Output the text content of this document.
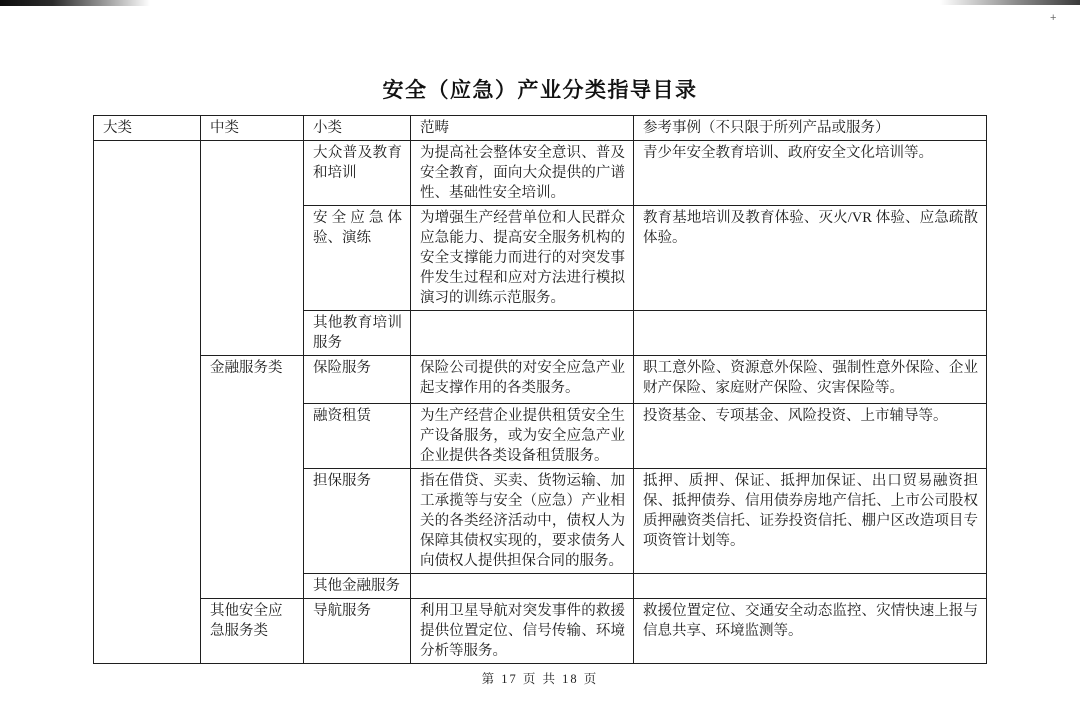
+
安全（应急）产业分类指导目录
大类	中类	小类	范畴	参考事例（不只限于所列产品或服务）
		大众普及教育和培训	为提高社会整体安全意识、普及安全教育，面向大众提供的广谱性、基础性安全培训。	青少年安全教育培训、政府安全文化培训等。
		安全应急体验、演练	为增强生产经营单位和人民群众应急能力、提高安全服务机构的安全支撑能力而进行的对突发事件发生过程和应对方法进行模拟演习的训练示范服务。	教育基地培训及教育体验、灭火/VR 体验、应急疏散体验。
		其他教育培训服务		
	金融服务类	保险服务	保险公司提供的对安全应急产业起支撑作用的各类服务。	职工意外险、资源意外保险、强制性意外保险、企业财产保险、家庭财产保险、灾害保险等。
		融资租赁	为生产经营企业提供租赁安全生产设备服务，或为安全应急产业企业提供各类设备租赁服务。	投资基金、专项基金、风险投资、上市辅导等。
		担保服务	指在借贷、买卖、货物运输、加工承揽等与安全（应急）产业相关的各类经济活动中，债权人为保障其债权实现的，要求债务人向债权人提供担保合同的服务。	抵押、质押、保证、抵押加保证、出口贸易融资担保、抵押债券、信用债券房地产信托、上市公司股权质押融资类信托、证券投资信托、棚户区改造项目专项资管计划等。
		其他金融服务		
	其他安全应急服务类	导航服务	利用卫星导航对突发事件的救援提供位置定位、信号传输、环境分析等服务。	救援位置定位、交通安全动态监控、灾情快速上报与信息共享、环境监测等。
第 17 页 共 18 页
